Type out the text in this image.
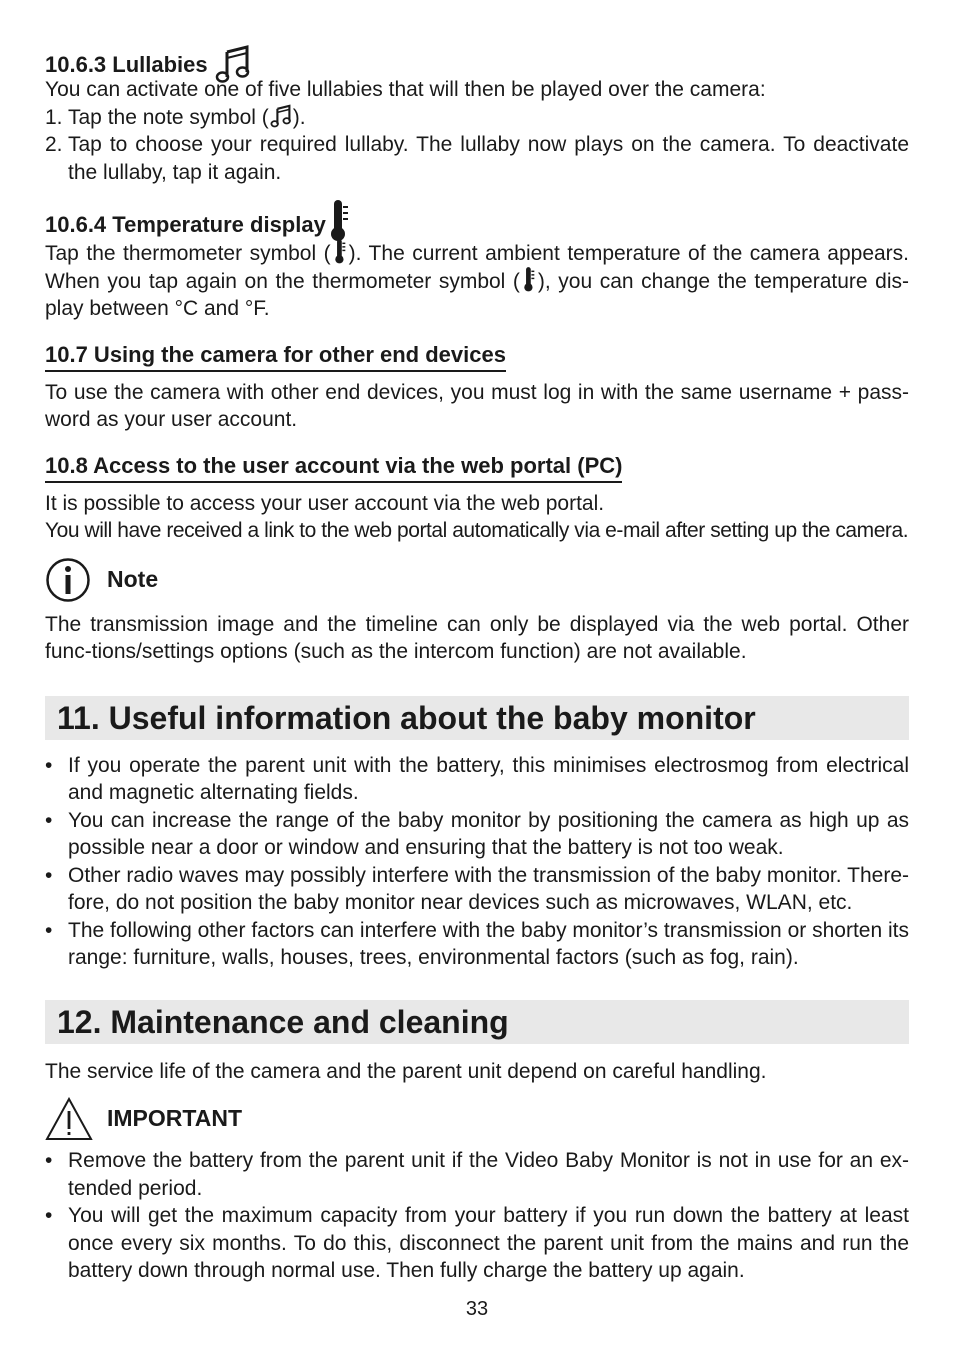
10.6.3 Lullabies

You can activate one of five lullabies that will then be played over the camera:

1. Tap the note symbol ( ).
2. Tap to choose your required lullaby. The lullaby now plays on the camera. To deactivate the lullaby, tap it again.
10.6.4 Temperature display

Tap the thermometer symbol ( ). The current ambient temperature of the camera appears. When you tap again on the thermometer symbol ( ), you can change the temperature dis-play between °C and °F.

10.7 Using the camera for other end devices

To use the camera with other end devices, you must log in with the same username + pass-word as your user account.

10.8 Access to the user account via the web portal (PC)

It is possible to access your user account via the web portal.

You will have received a link to the web portal automatically via e-mail after setting up the camera.

Note

The transmission image and the timeline can only be displayed via the web portal. Other func-tions/settings options (such as the intercom function) are not available.

11. Useful information about the baby monitor
• If you operate the parent unit with the battery, this minimises electrosmog from electrical and magnetic alternating fields.
• You can increase the range of the baby monitor by positioning the camera as high up as possible near a door or window and ensuring that the battery is not too weak.
• Other radio waves may possibly interfere with the transmission of the baby monitor. There-fore, do not position the baby monitor near devices such as microwaves, WLAN, etc.
• The following other factors can interfere with the baby monitor’s transmission or shorten its range: furniture, walls, houses, trees, environmental factors (such as fog, rain).
12. Maintenance and cleaning

The service life of the camera and the parent unit depend on careful handling.

IMPORTANT
• Remove the battery from the parent unit if the Video Baby Monitor is not in use for an ex-tended period.
• You will get the maximum capacity from your battery if you run down the battery at least once every six months. To do this, disconnect the parent unit from the mains and run the battery down through normal use. Then fully charge the battery up again.
33
